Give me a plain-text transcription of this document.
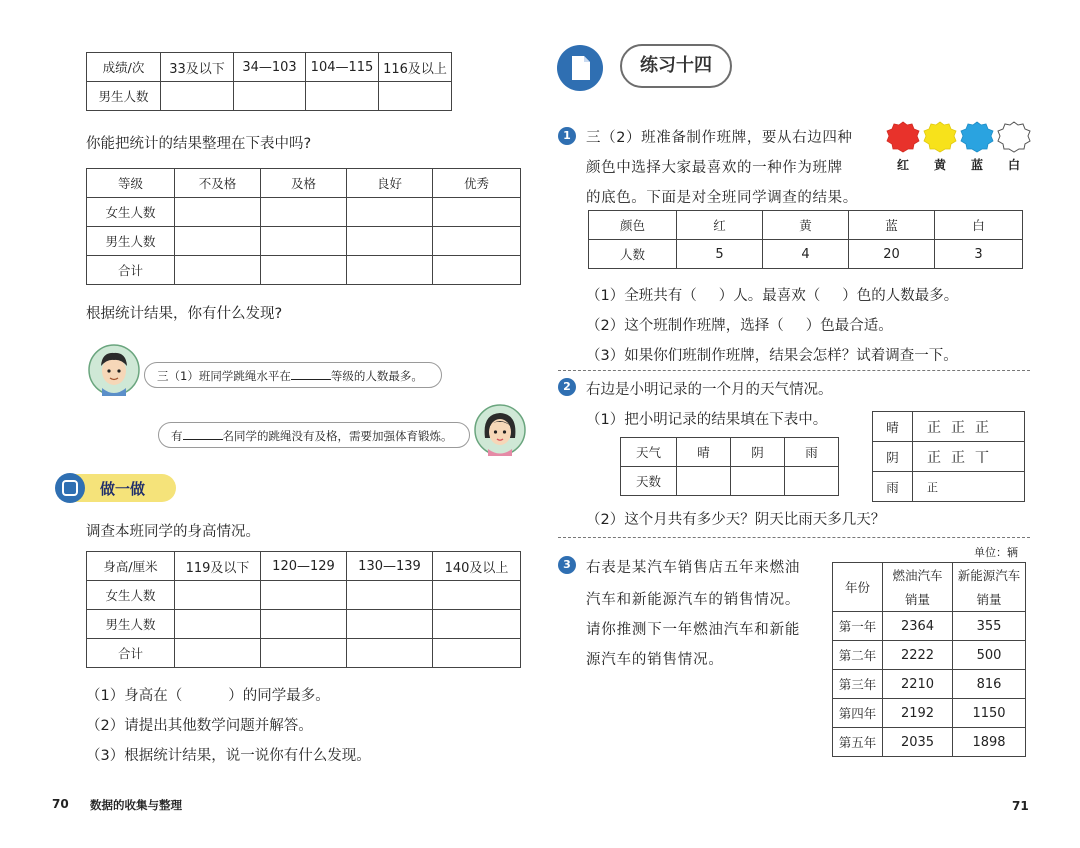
成绩/次	33及以下	34—103	104—115	116及以上
男生人数				
你能把统计的结果整理在下表中吗?
等级	不及格	及格	良好	优秀
女生人数				
男生人数				
合计				
根据统计结果，你有什么发现?
三（1）班同学跳绳水平在	等级的人数最多。
有	名同学的跳绳没有及格，需要加强体育锻炼。
做一做
调查本班同学的身高情况。
身高/厘米	119及以下	120—129	130—139	140及以上
女生人数				
男生人数				
合计				
（1）身高在（	）的同学最多。
（2）请提出其他数学问题并解答。
（3）根据统计结果，说一说你有什么发现。
70 数据的收集与整理
练习十四
1	三（2）班准备制作班牌，要从右边四种
颜色中选择大家最喜欢的一种作为班牌
的底色。下面是对全班同学调查的结果。
红 黄 蓝 白
颜色	红	黄	蓝	白
人数	5	4	20	3
（1）全班共有（ ）人。最喜欢（ ）色的人数最多。
（2）这个班制作班牌，选择（ ）色最合适。
（3）如果你们班制作班牌，结果会怎样？试着调查一下。
2	右边是小明记录的一个月的天气情况。
（1）把小明记录的结果填在下表中。
天气	晴	阴	雨
天数			
晴	正正正
阴	正正丅
雨	正
（2）这个月共有多少天？阴天比雨天多几天？
单位：辆
3	右表是某汽车销售店五年来燃油
汽车和新能源汽车的销售情况。
请你推测下一年燃油汽车和新能
源汽车的销售情况。
年份	燃油汽车	新能源汽车
	销量	销量
第一年	2364	355
第二年	2222	500
第三年	2210	816
第四年	2192	1150
第五年	2035	1898
71
